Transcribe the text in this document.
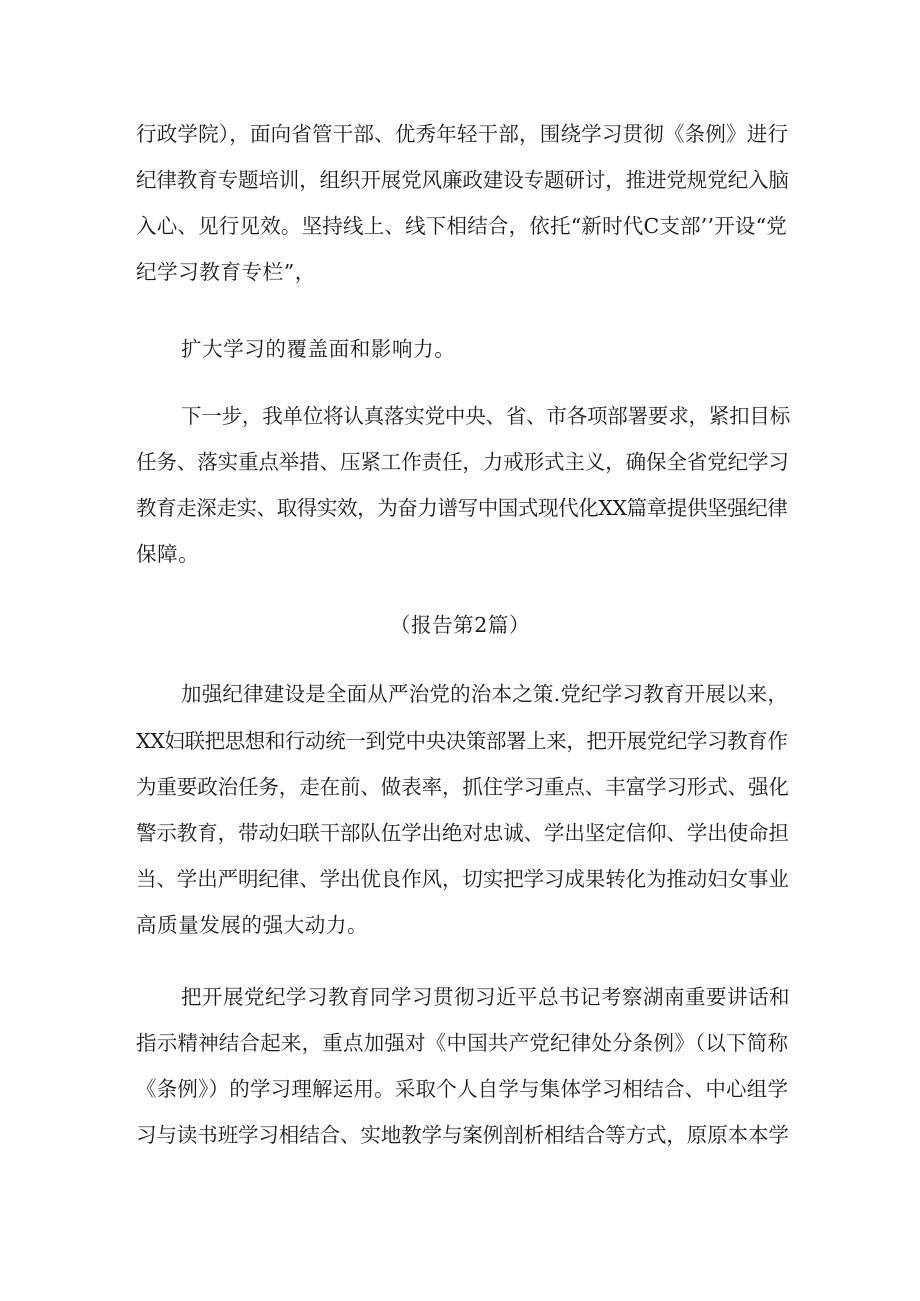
行政学院），面向省管干部、优秀年轻干部，围绕学习贯彻《条例》进行
纪律教育专题培训，组织开展党风廉政建设专题研讨，推进党规党纪入脑
入心、见行见效。坚持线上、线下相结合，依托“新时代C支部’’开设“党
纪学习教育专栏”，
扩大学习的覆盖面和影响力。
下一步，我单位将认真落实党中央、省、市各项部署要求，紧扣目标
任务、落实重点举措、压紧工作责任，力戒形式主义，确保全省党纪学习
教育走深走实、取得实效，为奋力谱写中国式现代化XX篇章提供坚强纪律
保障。
（报告第2篇）
加强纪律建设是全面从严治党的治本之策.党纪学习教育开展以来，
XX妇联把思想和行动统一到党中央决策部署上来，把开展党纪学习教育作
为重要政治任务，走在前、做表率，抓住学习重点、丰富学习形式、强化
警示教育，带动妇联干部队伍学出绝对忠诚、学出坚定信仰、学出使命担
当、学出严明纪律、学出优良作风，切实把学习成果转化为推动妇女事业
高质量发展的强大动力。
把开展党纪学习教育同学习贯彻习近平总书记考察湖南重要讲话和
指示精神结合起来，重点加强对《中国共产党纪律处分条例》（以下简称
《条例》）的学习理解运用。采取个人自学与集体学习相结合、中心组学
习与读书班学习相结合、实地教学与案例剖析相结合等方式，原原本本学
